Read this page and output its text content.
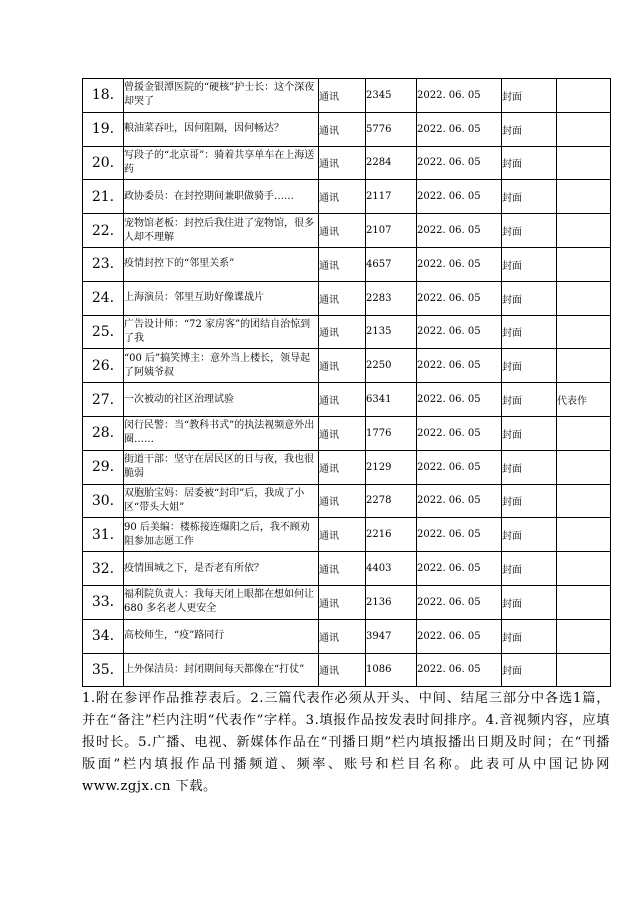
18.	曾援金银潭医院的“硬核”护士长：这个深夜却哭了	通讯	2345	2022. 06. 05	封面	
19.	粮油菜吞吐，因何阻隔，因何畅达？	通讯	5776	2022. 06. 05	封面	
20.	写段子的“北京哥”：骑着共享单车在上海送药	通讯	2284	2022. 06. 05	封面	
21.	政协委员：在封控期间兼职做骑手……	通讯	2117	2022. 06. 05	封面	
22.	宠物馆老板：封控后我住进了宠物馆，很多人却不理解	通讯	2107	2022. 06. 05	封面	
23.	疫情封控下的“邻里关系”	通讯	4657	2022. 06. 05	封面	
24.	上海演员：邻里互助好像谍战片	通讯	2283	2022. 06. 05	封面	
25.	广告设计师：“72 家房客”的团结自治惊到了我	通讯	2135	2022. 06. 05	封面	
26.	“00 后”搞笑博主：意外当上楼长，领导起了阿姨爷叔	通讯	2250	2022. 06. 05	封面	
27.	一次被动的社区治理试验	通讯	6341	2022. 06. 05	封面	代表作
28.	闵行民警：当“教科书式”的执法视频意外出圈……	通讯	1776	2022. 06. 05	封面	
29.	街道干部：坚守在居民区的日与夜，我也很脆弱	通讯	2129	2022. 06. 05	封面	
30.	双胞胎宝妈：居委被“封印”后，我成了小区“带头大姐”	通讯	2278	2022. 06. 05	封面	
31.	90 后美编：楼栋接连爆阳之后，我不顾劝阻参加志愿工作	通讯	2216	2022. 06. 05	封面	
32.	疫情围城之下，是否老有所依？	通讯	4403	2022. 06. 05	封面	
33.	福利院负责人：我每天闭上眼都在想如何让 680 多名老人更安全	通讯	2136	2022. 06. 05	封面	
34.	高校师生，“疫”路同行	通讯	3947	2022. 06. 05	封面	
35.	上外保洁员：封闭期间每天都像在“打仗”	通讯	1086	2022. 06. 05	封面	
1.附在参评作品推荐表后。2.三篇代表作必须从开头、中间、结尾三部分中各选1篇，并在“备注”栏内注明“代表作”字样。3.填报作品按发表时间排序。4.音视频内容，应填报时长。5.广播、电视、新媒体作品在“刊播日期”栏内填报播出日期及时间；在“刊播版面”栏内填报作品刊播频道、频率、账号和栏目名称。此表可从中国记协网 www.zgjx.cn 下载。
